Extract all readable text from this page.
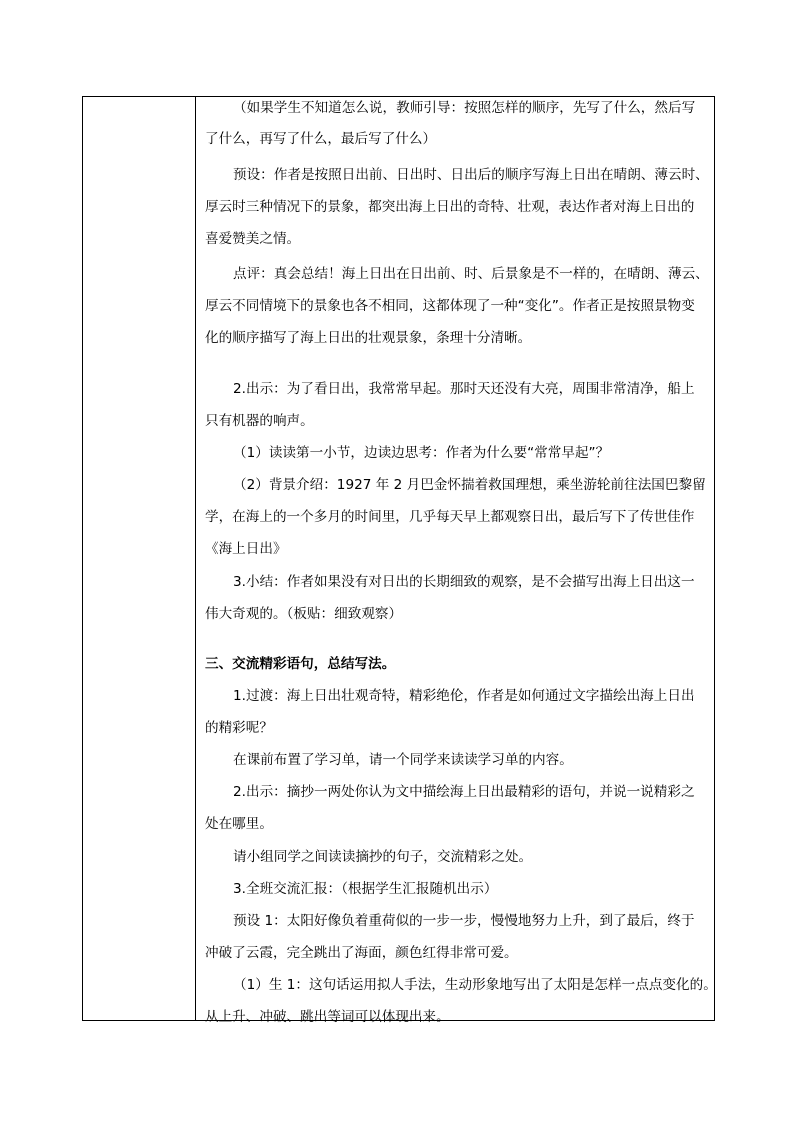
（如果学生不知道怎么说，教师引导：按照怎样的顺序，先写了什么，然后写
了什么，再写了什么，最后写了什么）
预设：作者是按照日出前、日出时、日出后的顺序写海上日出在晴朗、薄云时、
厚云时三种情况下的景象，都突出海上日出的奇特、壮观，表达作者对海上日出的
喜爱赞美之情。
点评：真会总结！海上日出在日出前、时、后景象是不一样的，在晴朗、薄云、
厚云不同情境下的景象也各不相同，这都体现了一种“变化”。作者正是按照景物变
化的顺序描写了海上日出的壮观景象，条理十分清晰。
2.出示：为了看日出，我常常早起。那时天还没有大亮，周围非常清净，船上
只有机器的响声。
（1）读读第一小节，边读边思考：作者为什么要“常常早起”？
（2）背景介绍：1927 年 2 月巴金怀揣着救国理想，乘坐游轮前往法国巴黎留
学，在海上的一个多月的时间里，几乎每天早上都观察日出，最后写下了传世佳作
《海上日出》
3.小结：作者如果没有对日出的长期细致的观察，是不会描写出海上日出这一
伟大奇观的。（板贴：细致观察）
三、交流精彩语句，总结写法。
1.过渡：海上日出壮观奇特，精彩绝伦，作者是如何通过文字描绘出海上日出
的精彩呢？
在课前布置了学习单，请一个同学来读读学习单的内容。
2.出示：摘抄一两处你认为文中描绘海上日出最精彩的语句，并说一说精彩之
处在哪里。
请小组同学之间读读摘抄的句子，交流精彩之处。
3.全班交流汇报：（根据学生汇报随机出示）
预设 1：太阳好像负着重荷似的一步一步，慢慢地努力上升，到了最后，终于
冲破了云霞，完全跳出了海面，颜色红得非常可爱。
（1）生 1：这句话运用拟人手法，生动形象地写出了太阳是怎样一点点变化的。
从上升、冲破、跳出等词可以体现出来。
